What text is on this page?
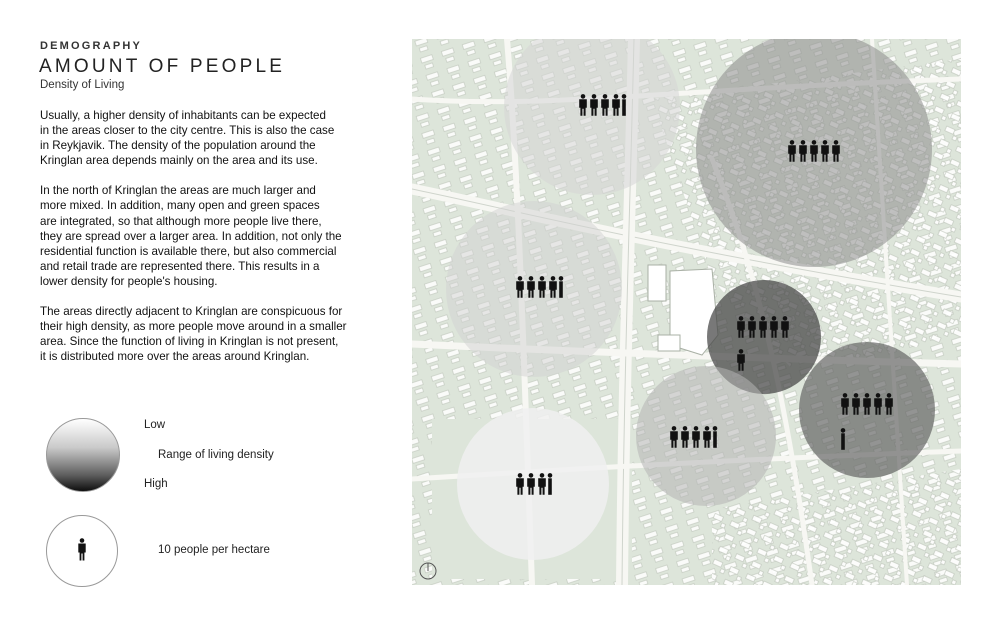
DEMOGRAPHY
AMOUNT OF PEOPLE
Density of Living

Usually, a higher density of inhabitants can be expected
in the areas closer to the city centre. This is also the case
in Reykjavik. The density of the population around the
Kringlan area depends mainly on the area and its use.

In the north of Kringlan the areas are much larger and
more mixed. In addition, many open and green spaces
are integrated, so that although more people live there,
they are spread over a larger area. In addition, not only the
residential function is available there, but also commercial
and retail trade are represented there. This results in a
lower density for people's housing.

The areas directly adjacent to Kringlan are conspicuous for
their high density, as more people move around in a smaller
area. Since the function of living in Kringlan is not present,
it is distributed more over the areas around Kringlan.

Low
Range of living density
High
10 people per hectare
